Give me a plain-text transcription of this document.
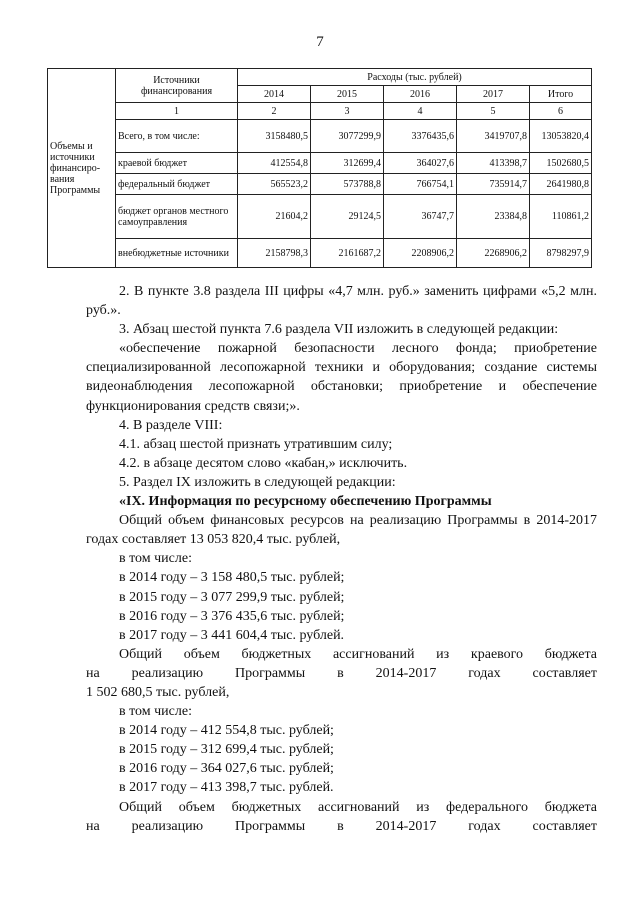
7
Объемы и источники финансиро-вания Программы	Источники финансирования	Расходы (тыс. рублей)				
		2014	2015	2016	2017	Итого
	1	2	3	4	5	6
	Всего, в том числе:	3158480,5	3077299,9	3376435,6	3419707,8	13053820,4
	краевой бюджет	412554,8	312699,4	364027,6	413398,7	1502680,5
	федеральный бюджет	565523,2	573788,8	766754,1	735914,7	2641980,8
	бюджет органов местного самоуправления	21604,2	29124,5	36747,7	23384,8	110861,2
	внебюджетные источники	2158798,3	2161687,2	2208906,2	2268906,2	8798297,9

2. В пункте 3.8 раздела III цифры «4,7 млн. руб.» заменить цифрами «5,2 млн. руб.».

3. Абзац шестой пункта 7.6 раздела VII изложить в следующей редакции:

«обеспечение пожарной безопасности лесного фонда; приобретение специализированной лесопожарной техники и оборудования; создание системы видеонаблюдения лесопожарной обстановки; приобретение и обеспечение функционирования средств связи;».

4. В разделе VIII:

4.1. абзац шестой признать утратившим силу;

4.2. в абзаце десятом слово «кабан,» исключить.

5. Раздел IX изложить в следующей редакции:

«IX. Информация по ресурсному обеспечению Программы

Общий объем финансовых ресурсов на реализацию Программы в 2014-2017 годах составляет 13 053 820,4 тыс. рублей,

в том числе:

в 2014 году – 3 158 480,5 тыс. рублей;

в 2015 году – 3 077 299,9 тыс. рублей;

в 2016 году – 3 376 435,6 тыс. рублей;

в 2017 году – 3 441 604,4 тыс. рублей.

Общий объем бюджетных ассигнований из краевого бюджета

на реализацию Программы в 2014-2017 годах составляет

1 502 680,5 тыс. рублей,

в том числе:

в 2014 году – 412 554,8 тыс. рублей;

в 2015 году – 312 699,4 тыс. рублей;

в 2016 году – 364 027,6 тыс. рублей;

в 2017 году – 413 398,7 тыс. рублей.

Общий объем бюджетных ассигнований из федерального бюджета

на реализацию Программы в 2014-2017 годах составляет
